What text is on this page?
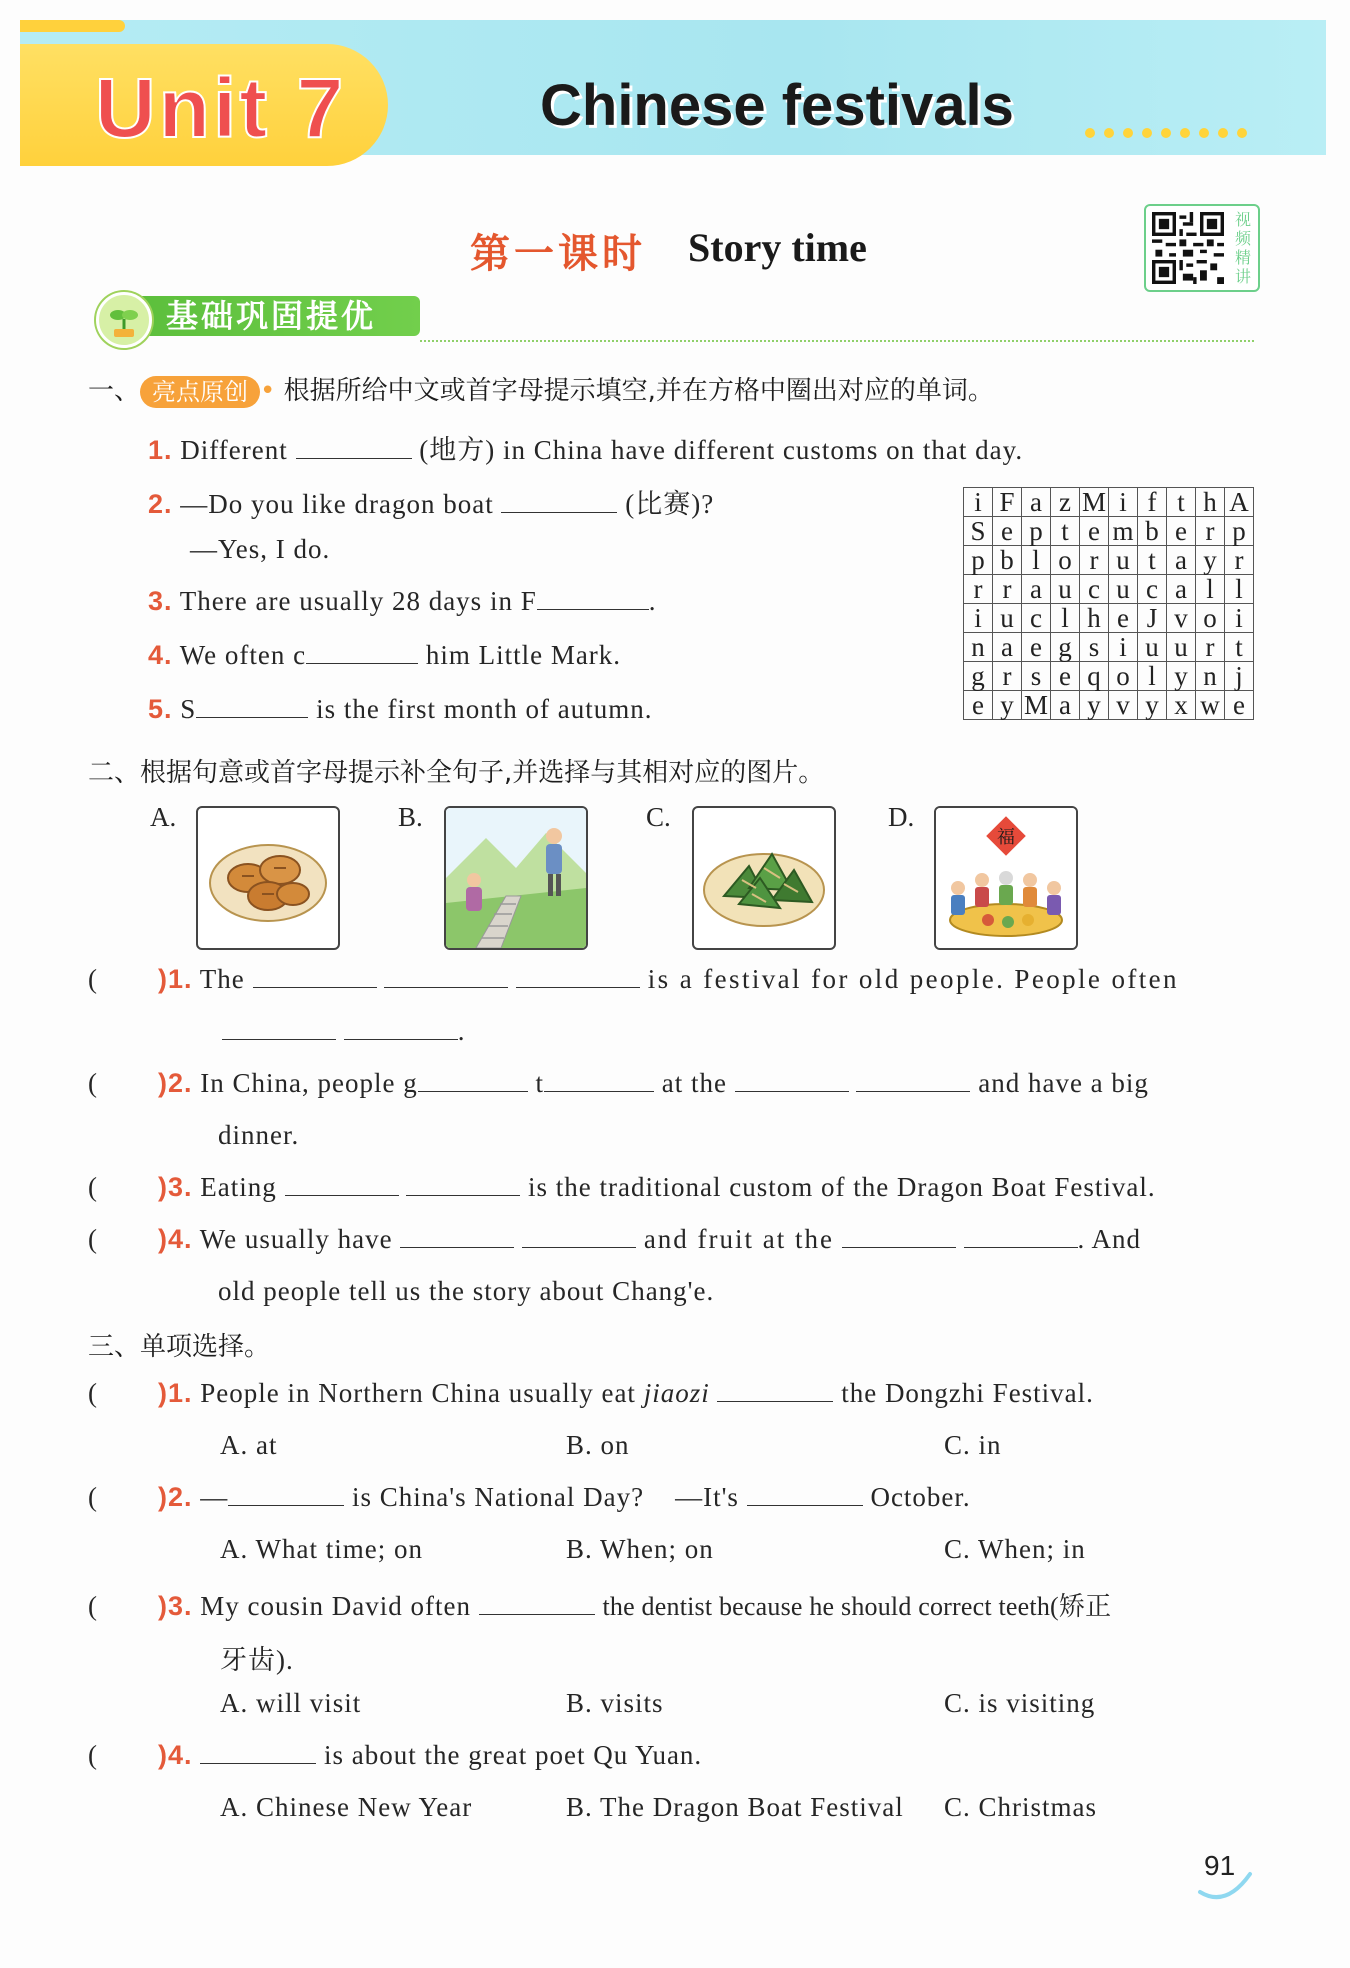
Unit 7	Chinese festivals
第一课时 Story time
视
频
精
讲
基础巩固提优
一、 亮点原创 • 根据所给中文或首字母提示填空,并在方格中圈出对应的单词。
1. Different	(地方) in China have different customs on that day.
2. —Do you like dragon boat	(比赛)?
—Yes, I do.
3. There are usually 28 days in F	.
4. We often c	him Little Mark.
5. S	is the first month of autumn.
i	F	a	z	M	i	f	t	h	A
S	e	p	t	e	m	b	e	r	p
p	b	l	o	r	u	t	a	y	r
r	r	a	u	c	u	c	a	l	l
i	u	c	l	h	e	J	v	o	i
n	a	e	g	s	i	u	u	r	t
g	r	s	e	q	o	l	y	n	j
e	y	M	a	y	v	y	x	w	e
二、根据句意或首字母提示补全句子,并选择与其相对应的图片。
A.	B.	C.	D.
福
( )1. The	is a festival for old people. People often
.
( )2. In China, people g	t	at the	and have a big
dinner.
( )3. Eating	is the traditional custom of the Dragon Boat Festival.
( )4. We usually have	and fruit at the	. And
old people tell us the story about Chang'e.
三、单项选择。
( )1. People in Northern China usually eat jiaozi	the Dongzhi Festival.
A. at	B. on	C. in
( )2. —	is China's National Day? —It's	October.
A. What time; on	B. When; on	C. When; in
( )3. My cousin David often	the dentist because he should correct teeth(矫正
牙齿).
A. will visit	B. visits	C. is visiting
( )4.	is about the great poet Qu Yuan.
A. Chinese New Year	B. The Dragon Boat Festival C. Christmas
91
